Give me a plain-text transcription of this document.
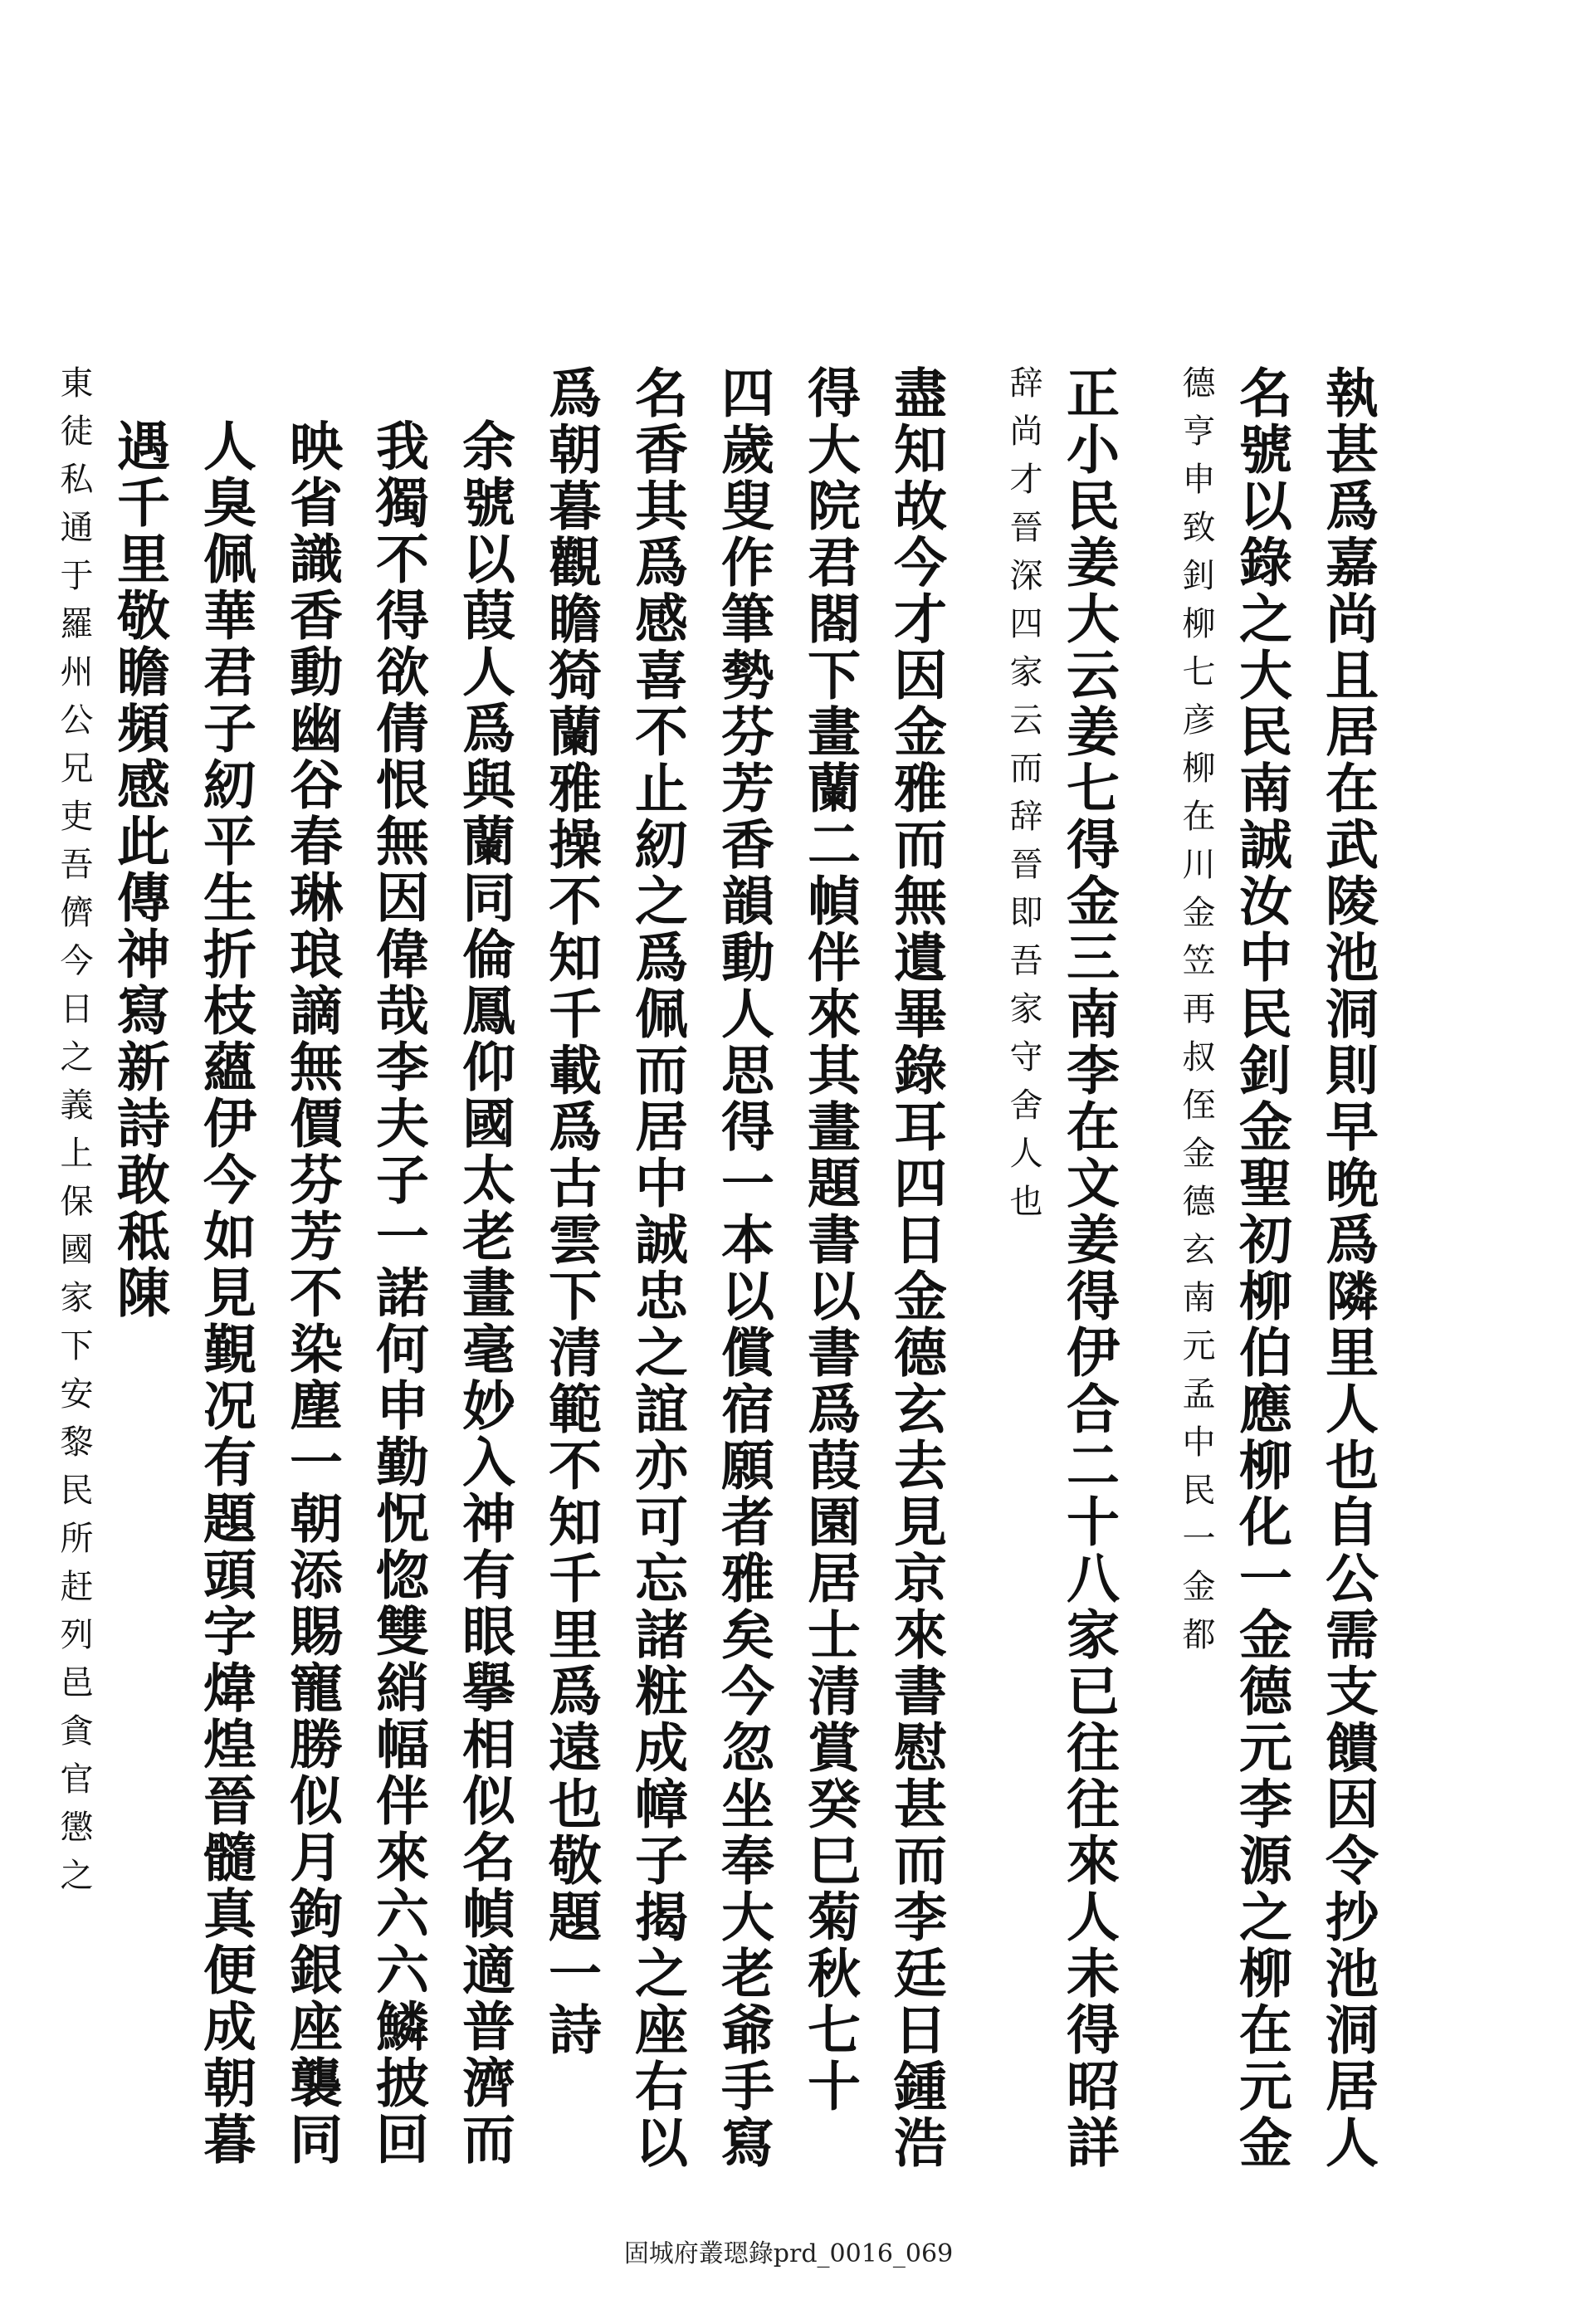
執甚爲嘉尚且居在武陵池洞則早晩爲隣里人也自公需支饋因令抄池洞居人
名號以錄之大民南誠汝中民釗金聖初柳伯應柳化一金德元李源之柳在元金
德亨申致釗柳七彦柳在川金笠再叔侄金德玄南元孟中民一金都
正小民姜大云姜七得金三南李在文姜得伊合二十八家已往往來人未得昭詳
辞尚才晉深四家云而辞晉即吾家守舍人也
盡知故今才因金雅而無遺畢錄耳四日金德玄去見京來書慰甚而李廷日鍾浩
得大院君閤下畫蘭二幀伴來其畫題書以書爲葭園居士清賞癸巳菊秋七十
四歲叟作筆勢芬芳香韻動人思得一本以償宿願者雅矣今忽坐奉大老爺手寫
名香其爲感喜不止紉之爲佩而居中誠忠之誼亦可忘諸粧成幛子揭之座右以
爲朝暮觀瞻猗蘭雅操不知千載爲古雲下清範不知千里爲遠也敬題一詩
余號以葭人爲與蘭同倫鳳仰國太老畫毫妙入神有眼擧相似名幀適普濟而
我獨不得欲倩恨無因偉哉李夫子一諾何申勤怳惚雙綃幅伴來六六鱗披回
映省識香動幽谷春琳琅謫無價芬芳不染塵一朝添賜寵勝似月鉤銀座襲同
人臭佩華君子紉平生折枝蘊伊今如見覲况有題頭字煒煌晉髓真便成朝暮
遇千里敬瞻頻感此傳神寫新詩敢秪陳
東徒私通于羅州公兄吏吾儕今日之義上保國家下安黎民所赶列邑貪官懲之
固城府叢𤨒錄prd_0016_069
